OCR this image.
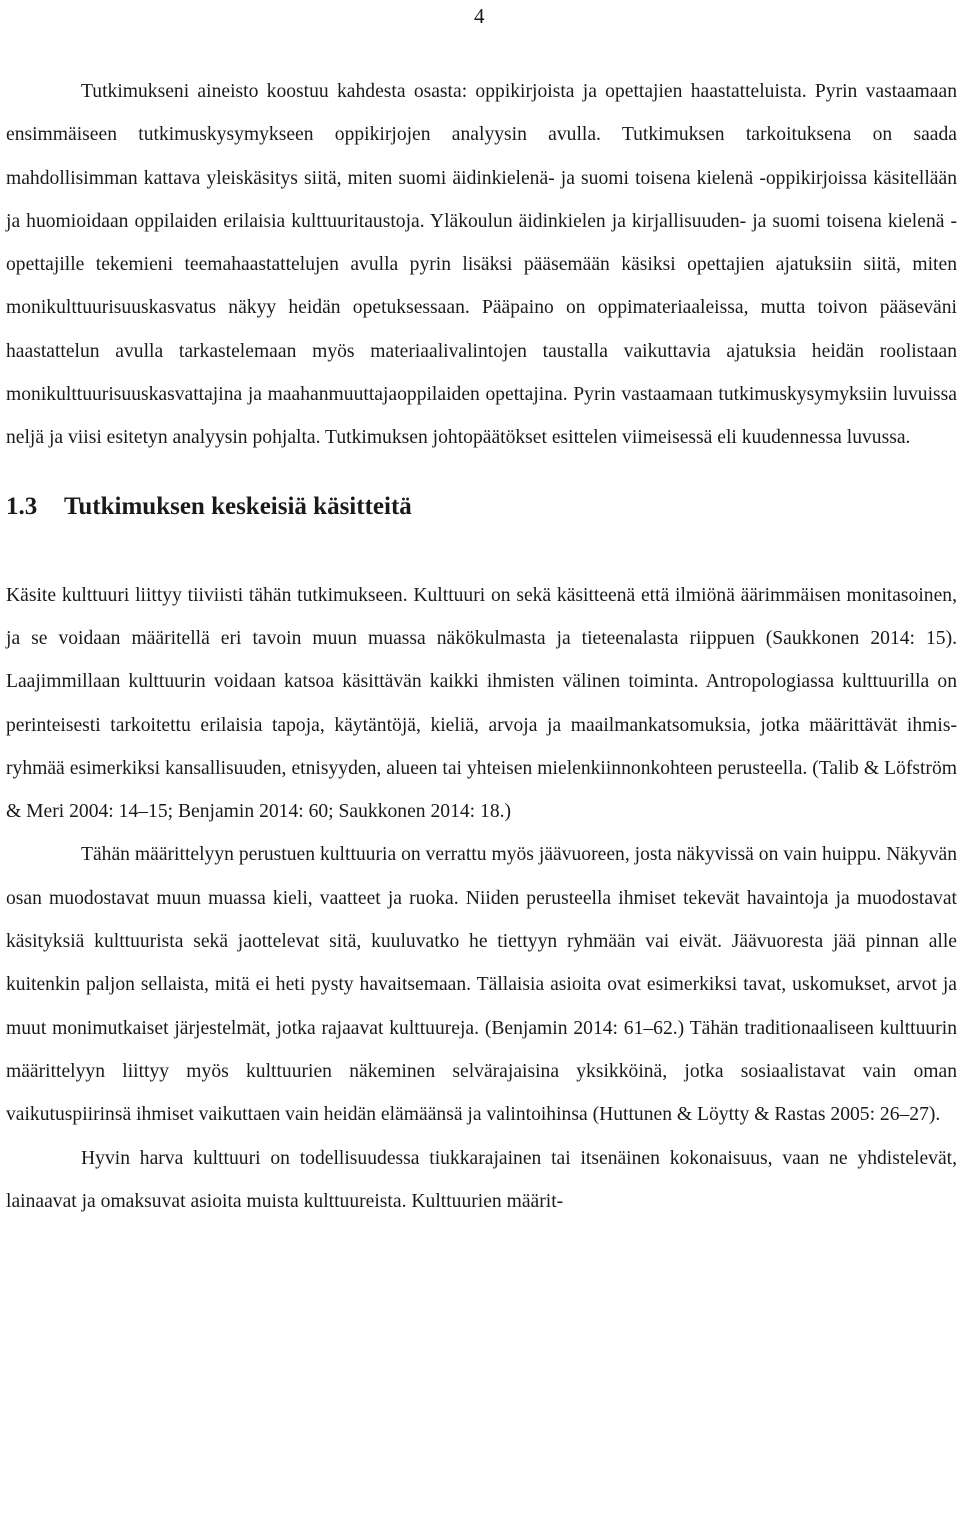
4

Tutkimukseni aineisto koostuu kahdesta osasta: oppikirjoista ja opettajien haastatteluista. Pyrin vastaamaan ensimmäiseen tutkimuskysymykseen oppikirjojen analyysin avulla. Tutkimuksen tarkoituksena on saada mahdollisimman kattava yleiskäsitys siitä, miten suomi äidinkielenä- ja suomi toisena kielenä -oppikirjoissa käsitellään ja huomioidaan oppilaiden erilaisia kulttuuritaustoja. Yläkoulun äidinkielen ja kirjallisuuden- ja suomi toisena kielenä -opettajille tekemieni teemahaastattelujen avulla pyrin lisäksi pääsemään käsiksi opettajien ajatuksiin siitä, miten monikulttuurisuuskasvatus näkyy heidän opetuksessaan. Pääpaino on oppimateriaaleissa, mutta toivon pääseväni haastattelun avulla tarkastelemaan myös materiaalivalintojen taustalla vaikuttavia ajatuksia heidän roolistaan monikulttuurisuuskasvattajina ja maahanmuuttajaoppilaiden opettajina. Pyrin vastaamaan tutkimuskysymyksiin luvuissa neljä ja viisi esitetyn analyysin pohjalta. Tutkimuksen johtopäätökset esittelen viimeisessä eli kuudennessa luvussa.

1.3 Tutkimuksen keskeisiä käsitteitä

Käsite kulttuuri liittyy tiiviisti tähän tutkimukseen. Kulttuuri on sekä käsitteenä että ilmiönä äärimmäisen monitasoinen, ja se voidaan määritellä eri tavoin muun muassa näkökulmasta ja tieteenalasta riippuen (Saukkonen 2014: 15). Laajimmillaan kulttuurin voidaan katsoa käsittävän kaikki ihmisten välinen toiminta. Antropologiassa kulttuurilla on perinteisesti tarkoitettu erilaisia tapoja, käytäntöjä, kieliä, arvoja ja maailmankatsomuksia, jotka määrittävät ihmisryhmää esimerkiksi kansallisuuden, etnisyyden, alueen tai yhteisen mielenkiinnonkohteen perusteella. (Talib & Löfström & Meri 2004: 14–15; Benjamin 2014: 60; Saukkonen 2014: 18.)

Tähän määrittelyyn perustuen kulttuuria on verrattu myös jäävuoreen, josta näkyvissä on vain huippu. Näkyvän osan muodostavat muun muassa kieli, vaatteet ja ruoka. Niiden perusteella ihmiset tekevät havaintoja ja muodostavat käsityksiä kulttuurista sekä jaottelevat sitä, kuuluvatko he tiettyyn ryhmään vai eivät. Jäävuoresta jää pinnan alle kuitenkin paljon sellaista, mitä ei heti pysty havaitsemaan. Tällaisia asioita ovat esimerkiksi tavat, uskomukset, arvot ja muut monimutkaiset järjestelmät, jotka rajaavat kulttuureja. (Benjamin 2014: 61–62.) Tähän traditionaaliseen kulttuurin määrittelyyn liittyy myös kulttuurien näkeminen selvärajaisina yksikköinä, jotka sosiaalistavat vain oman vaikutuspiirinsä ihmiset vaikuttaen vain heidän elämäänsä ja valintoihinsa (Huttunen & Löytty & Rastas 2005: 26–27).

Hyvin harva kulttuuri on todellisuudessa tiukkarajainen tai itsenäinen kokonaisuus, vaan ne yhdistelevät, lainaavat ja omaksuvat asioita muista kulttuureista. Kulttuurien määrit-
